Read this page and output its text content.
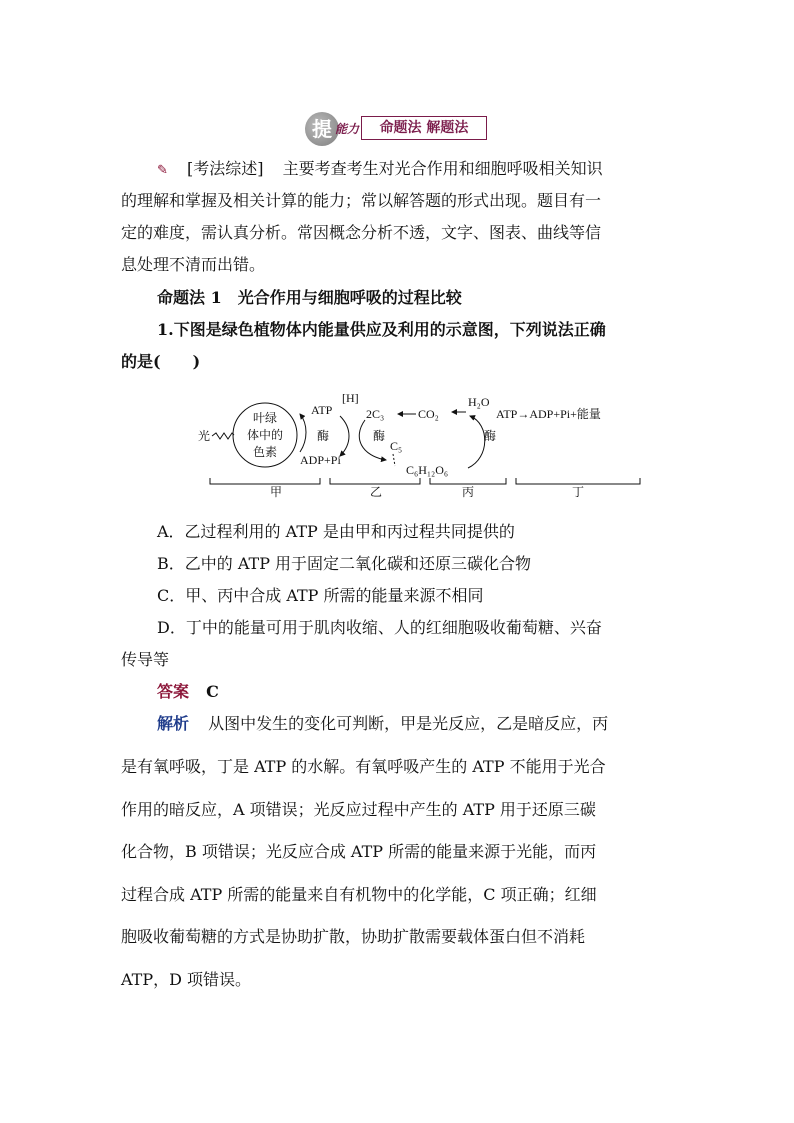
提 能力	命题法 解题法
✎ [考法综述] 主要考查考生对光合作用和细胞呼吸相关知识
的理解和掌握及相关计算的能力；常以解答题的形式出现。题目有一
定的难度，需认真分析。常因概念分析不透，文字、图表、曲线等信
息处理不清而出错。
命题法 1　光合作用与细胞呼吸的过程比较
1.下图是绿色植物体内能量供应及利用的示意图，下列说法正确
的是(　　)
光
叶绿
体中的
色素
ATP
酶
ADP+Pi
[H]
2C₃
酶
C₅
C₆H₁₂O₆
CO₂
H₂O
酶
ATP→ADP+Pi+能量
甲	乙	丙	丁
A．乙过程利用的 ATP 是由甲和丙过程共同提供的
B．乙中的 ATP 用于固定二氧化碳和还原三碳化合物
C．甲、丙中合成 ATP 所需的能量来源不相同
D．丁中的能量可用于肌肉收缩、人的红细胞吸收葡萄糖、兴奋
传导等
答案 C
解析 从图中发生的变化可判断，甲是光反应，乙是暗反应，丙
是有氧呼吸，丁是 ATP 的水解。有氧呼吸产生的 ATP 不能用于光合
作用的暗反应，A 项错误；光反应过程中产生的 ATP 用于还原三碳
化合物，B 项错误；光反应合成 ATP 所需的能量来源于光能，而丙
过程合成 ATP 所需的能量来自有机物中的化学能，C 项正确；红细
胞吸收葡萄糖的方式是协助扩散，协助扩散需要载体蛋白但不消耗
ATP，D 项错误。
